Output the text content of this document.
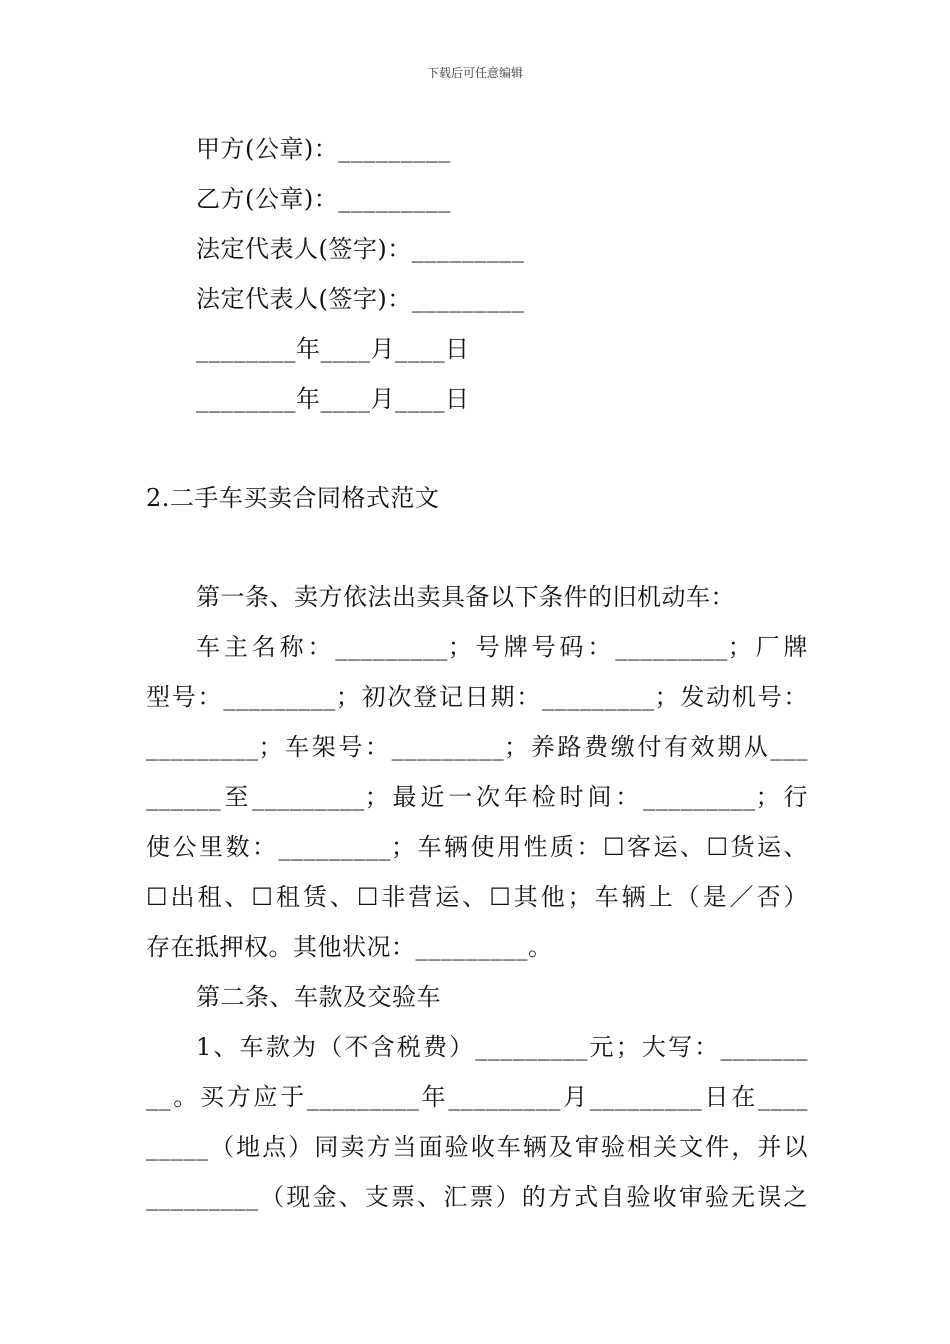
下载后可任意编辑
甲方(公章)：_________
乙方(公章)：_________
法定代表人(签字)：_________
法定代表人(签字)：_________
________年____月____日
________年____月____日
2.二手车买卖合同格式范文
第一条、卖方依法出卖具备以下条件的旧机动车：
车主名称：_________；号牌号码：_________；厂牌
型号：_________；初次登记日期：_________；发动机号：
_________；车架号：_________；养路费缴付有效期从___
______至_________；最近一次年检时间：_________；行
使公里数：_________；车辆使用性质：☐客运、☐货运、
☐出租、☐租赁、☐非营运、☐其他；车辆上（是／否）
存在抵押权。其他状况：_________。
第二条、车款及交验车
1、车款为（不含税费）_________元；大写：_______
__。买方应于_________年_________月_________日在____
_____（地点）同卖方当面验收车辆及审验相关文件，并以
_________（现金、支票、汇票）的方式自验收审验无误之
